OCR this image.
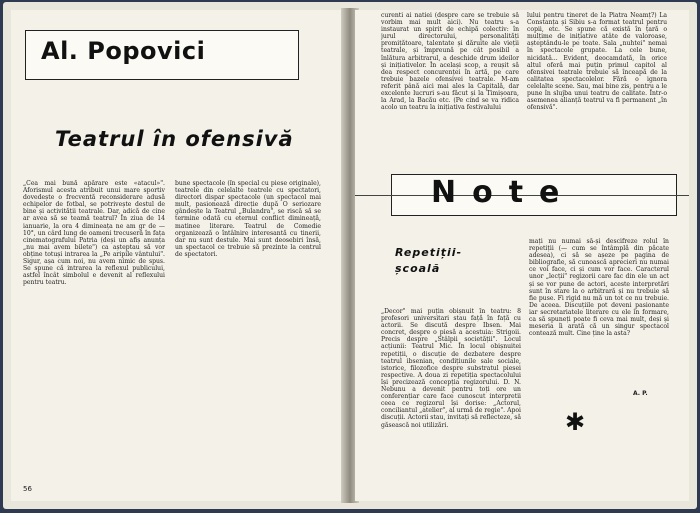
Al. Popovici
Teatrul în ofensivă
„Cea mai bună apărare este «atacul»". Aforismul acesta atribuit unui mare sportiv dovedește o frecventă reconsiderare adusă echipelor de fotbal, se potrivește destul de bine și activității teatrale. Dar, adică de cine ar avea să se teamă teatrul? În ziua de 14 ianuarie, la ora 4 dimineața ne am gr de —10°, un cârd lung de oameni trecuseră în fața cinematografului Patria (deși un afiș anunța „nu mai avem bilete") ca așteptau să vor obține totuși intrarea la „Pe aripile vântului". Sigur, așa cum noi, nu avem nimic de spus. Se spune că intrarea la reflexul publicului, astfel încât simbolul e devenit al reflexului pentru teatru.
bune spectacole (în special cu piese originale), teatrele din celelalte teatrele cu spectatori, directori dispar spectacole (un spectacol mai mult, pasionează direcție după O seriozare gândește la Teatrul „Bulandra", se riscă să se termine odată cu eternul conflict dimineață, matinee literare. Teatrul de Comedie organizează o întâlnire interesantă cu tinerii, dar nu sunt destule. Mai sunt deosebiri însă, un spectacol ce trebuie să prezinte la centrul de spectatori.
56
curenti ai natiei (despre care se trebuie să vorbim mai mult aici). Nu teatru s-a instaurat un spirit de echipă colectiv: în jurul directorului, personalități promițătoare, talentate și dăruite ale vieții teatrale, și împreună pe cât posibil a înlătura arbitrarul, a deschide drum ideilor și inițiativelor. În același scop, a reușit să dea respect concurenței în artă, pe care trebuie bazele ofensivei teatrale. M-am referit până aici mai ales la Capitală, dar excelente lucruri s-au făcut și la Timișoara, la Arad, la Bacău etc. (Pe cind se va ridica acolo un teatru la inițiativa festivalului
lului pentru tineret de la Piatra Neamț?) La Constanța și Sibiu s-a format teatrul pentru copii, etc. Se spune că există în țară o mulțime de inițiative atâte de valoroase, așteptându-le pe toate. Sala „nuhtei" nemai în spectacole grupate. La cele bune, nicidată... Evident, deocamdată, în orice altul oferă mai puțin primul capitol al ofensivei teatrale trebuie să înceapă de la calitatea spectacolelor. Fără o ignora celelalte scene. Sau, mai bine zis, pentru a le pune în slujba unui teatru de calitate. Într-o asemenea alianță teatrul va fi permanent „în ofensivă".
Note
Repetiții-
școală
„Decor" mai puțin obișnuit în teatru: 8 profesori universitari stau față în față cu actorii. Se discută despre Ibsen. Mai concret, despre o piesă a acestuia: Strigoii. Precis despre „Stâlpii societății". Locul acțiunii: Teatrul Mic. În locul obișnuitei repetiții, o discuție de dezbatere despre teatrul ibsenian, condițiunile sale sociale, istorice, filozofice despre substratul piesei respective. A doua zi repetiția spectacolului își precizează concepția regizorului. D. N. Nebunu a devenit pentru toți ore un conferențiar care face cunoscut interpretii ceea ce regizorul își dorise: „Actorul, conciliantul „atelier", al urmă de regie". Apoi discuții. Actorii stau, invitați să reflecteze, să găsească noi utilizări.
mați nu numai să-și descifreze rolul în repetiții (— cum se întâmplă din păcate adesea), ci să se așeze pe pagina de bibliografie, să cunoască aprecieri nu numai ce voi face, ci și cum vor face. Caracterul unor „lecții" regizorii care fac din ele un act și se vor pune de actori, aceste interpretări sunt în stare la o arbitrară și nu trebuie să fie puse. Fi rigid nu mă un tot ce nu trebuie. De aceea. Discuțiile pot deveni pasionante iar secretariatele literare cu ele în formare, ca să spuneți poate fi ceva mai mult, deși și meseria îi arată că un singur spectacol contează mult. Cine ține la asta?
A. P.
✱
